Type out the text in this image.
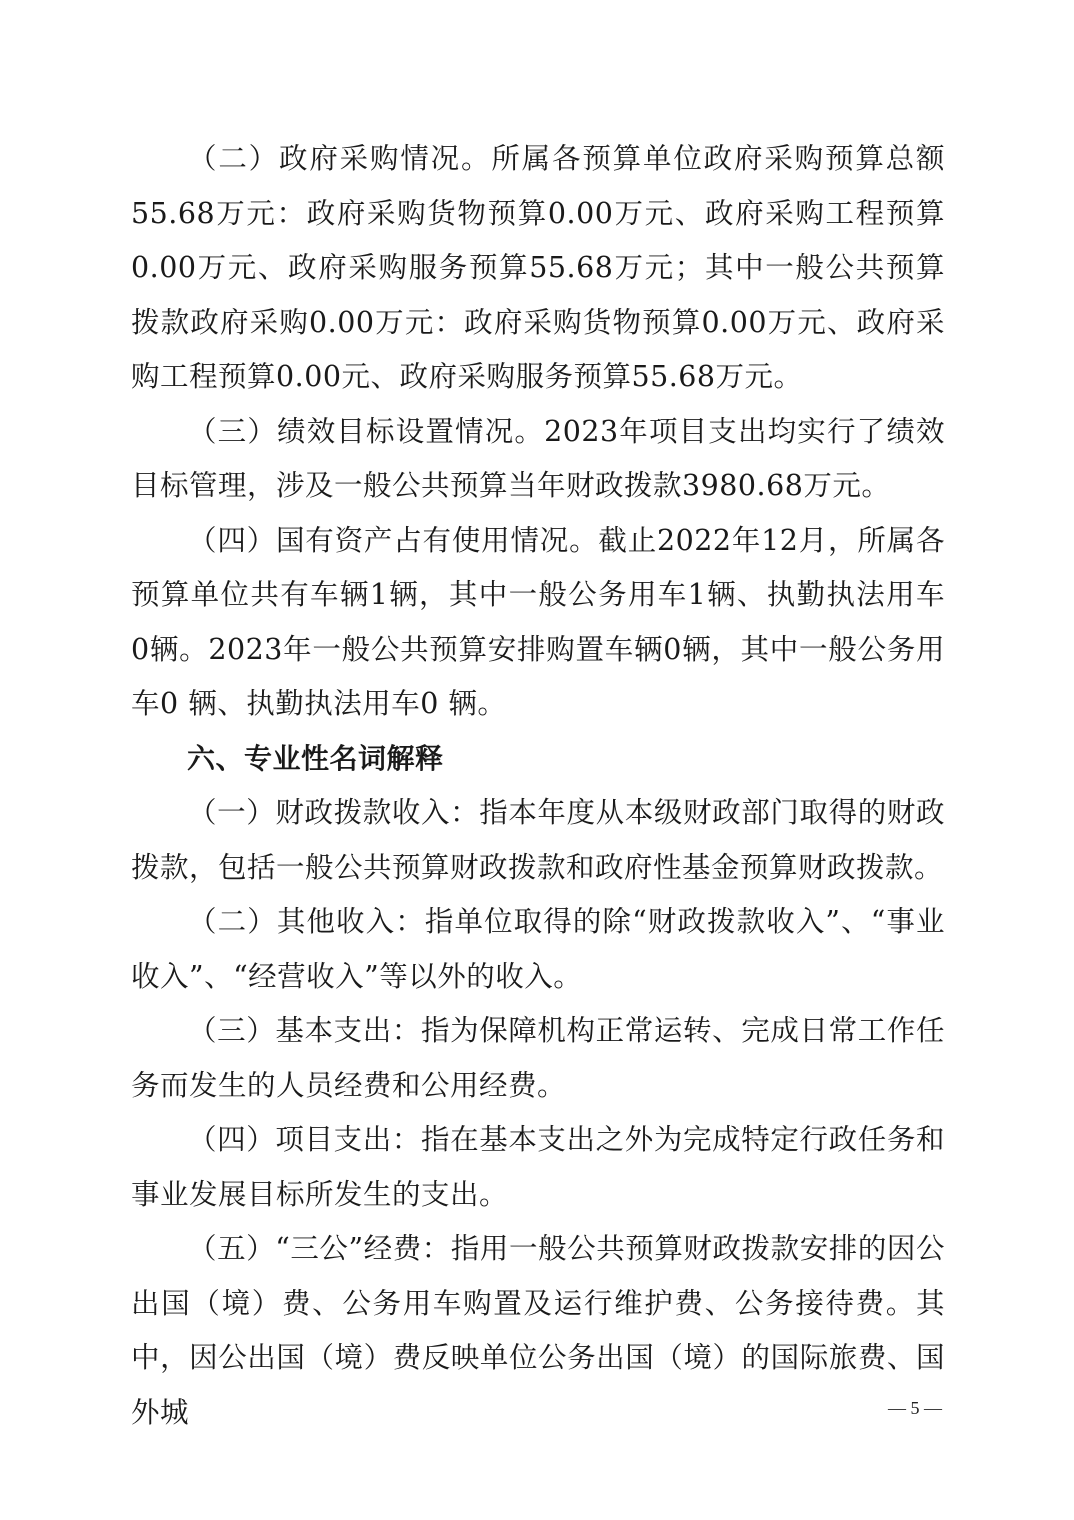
（二）政府采购情况。所属各预算单位政府采购预算总额55.68万元：政府采购货物预算0.00万元、政府采购工程预算0.00万元、政府采购服务预算55.68万元；其中一般公共预算拨款政府采购0.00万元：政府采购货物预算0.00万元、政府采购工程预算0.00元、政府采购服务预算55.68万元。

（三）绩效目标设置情况。2023年项目支出均实行了绩效目标管理，涉及一般公共预算当年财政拨款3980.68万元。

（四）国有资产占有使用情况。截止2022年12月，所属各预算单位共有车辆1辆，其中一般公务用车1辆、执勤执法用车 0辆。2023年一般公共预算安排购置车辆0辆，其中一般公务用车0 辆、执勤执法用车0 辆。

六、专业性名词解释

（一）财政拨款收入：指本年度从本级财政部门取得的财政拨款，包括一般公共预算财政拨款和政府性基金预算财政拨款。

（二）其他收入：指单位取得的除“财政拨款收入”、“事业收入”、“经营收入”等以外的收入。

（三）基本支出：指为保障机构正常运转、完成日常工作任务而发生的人员经费和公用经费。

（四）项目支出：指在基本支出之外为完成特定行政任务和事业发展目标所发生的支出。

（五）“三公”经费：指用一般公共预算财政拨款安排的因公出国（境）费、公务用车购置及运行维护费、公务接待费。其中，因公出国（境）费反映单位公务出国（境）的国际旅费、国外城	— 5 —
